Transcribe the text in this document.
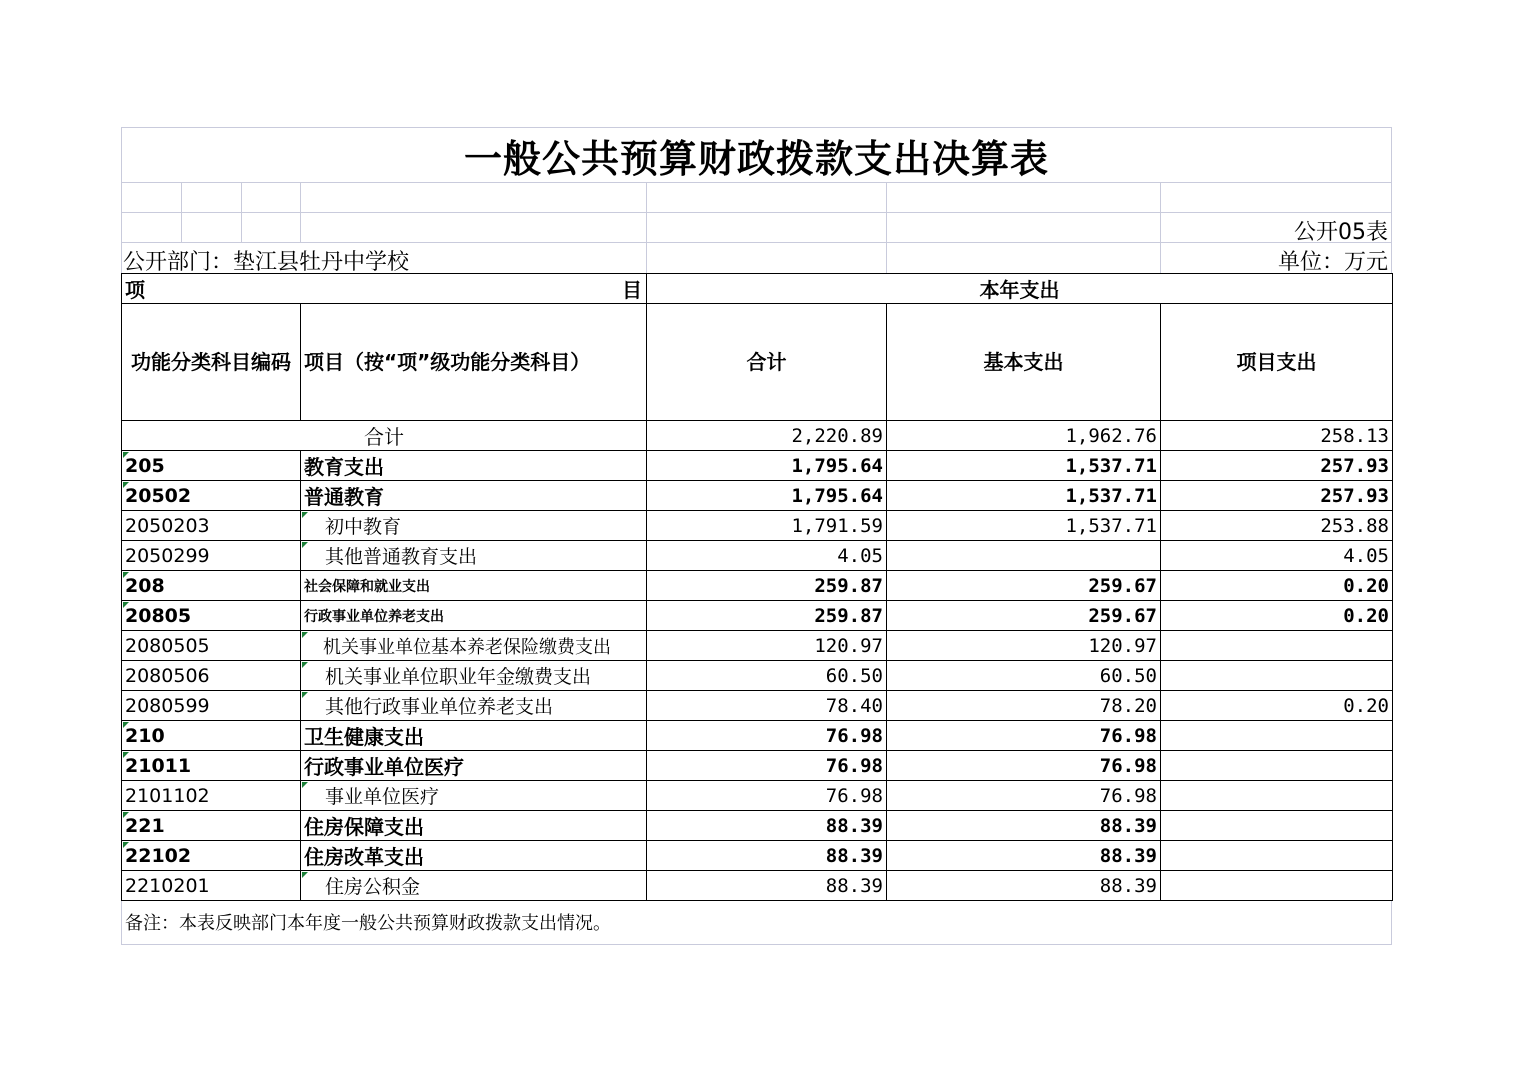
一般公共预算财政拨款支出决算表
公开05表
公开部门：垫江县牡丹中学校	单位：万元
项 目		本年支出		
功能分类科目编码	项目（按“项”级功能分类科目）	合计	基本支出	项目支出
合计		2,220.89	1,962.76	258.13

205	教育支出	1,795.64	1,537.71	257.93

20502	普通教育	1,795.64	1,537.71	257.93
2050203	初中教育	1,791.59	1,537.71	253.88
2050299	其他普通教育支出	4.05		4.05

208	社会保障和就业支出	259.87	259.67	0.20

20805	行政事业单位养老支出	259.87	259.67	0.20
2080505	机关事业单位基本养老保险缴费支出	120.97	120.97	
2080506	机关事业单位职业年金缴费支出	60.50	60.50	
2080599	其他行政事业单位养老支出	78.40	78.20	0.20

210	卫生健康支出	76.98	76.98	

21011	行政事业单位医疗	76.98	76.98	
2101102	事业单位医疗	76.98	76.98	

221	住房保障支出	88.39	88.39	

22102	住房改革支出	88.39	88.39	
2210201	住房公积金	88.39	88.39	
备注：本表反映部门本年度一般公共预算财政拨款支出情况。
